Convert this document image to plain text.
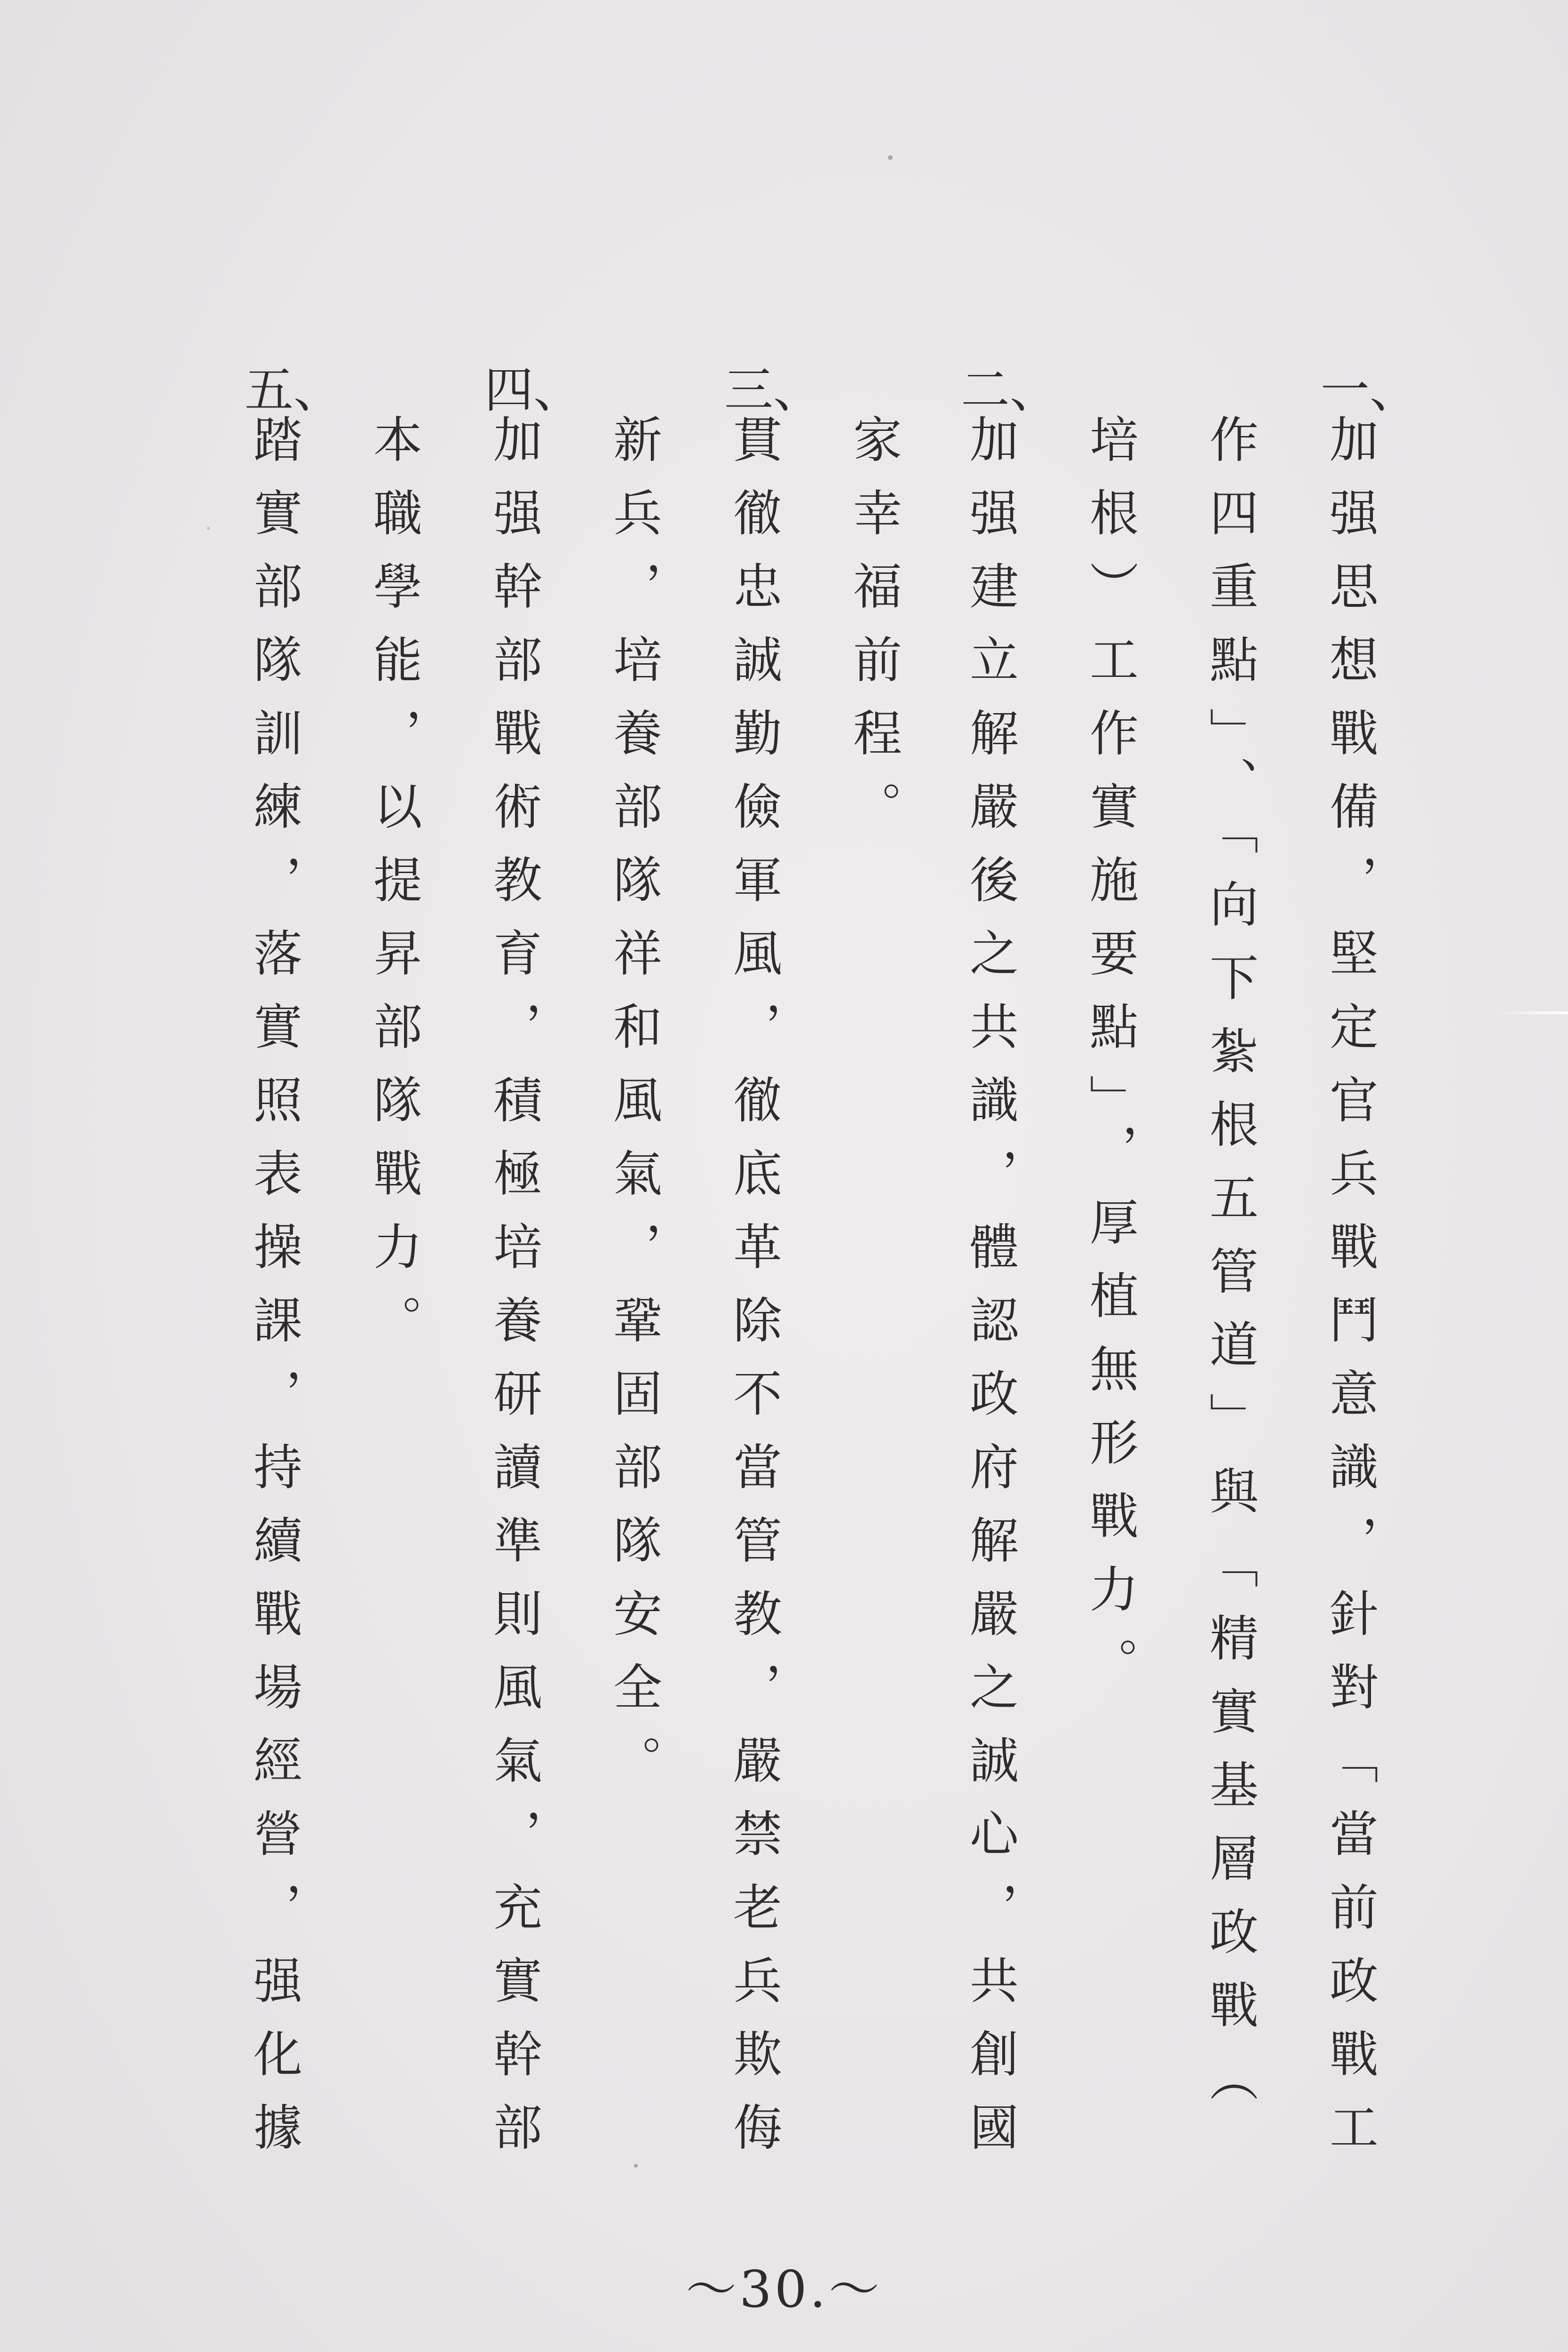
一、
加强思想戰備，堅定官兵戰鬥意識，針對「當前政戰工
作四重點」、「向下紮根五管道」與「精實基層政戰（
培根）工作實施要點」，厚植無形戰力。
二、
加强建立解嚴後之共識，體認政府解嚴之誠心，共創國
家幸福前程。
三、
貫徹忠誠勤儉軍風，徹底革除不當管教，嚴禁老兵欺侮
新兵，培養部隊祥和風氣，鞏固部隊安全。
四、
加强幹部戰術教育，積極培養研讀準則風氣，充實幹部
本職學能，以提昇部隊戰力。
五、
踏實部隊訓練，落實照表操課，持續戰場經營，强化據
～30.～
